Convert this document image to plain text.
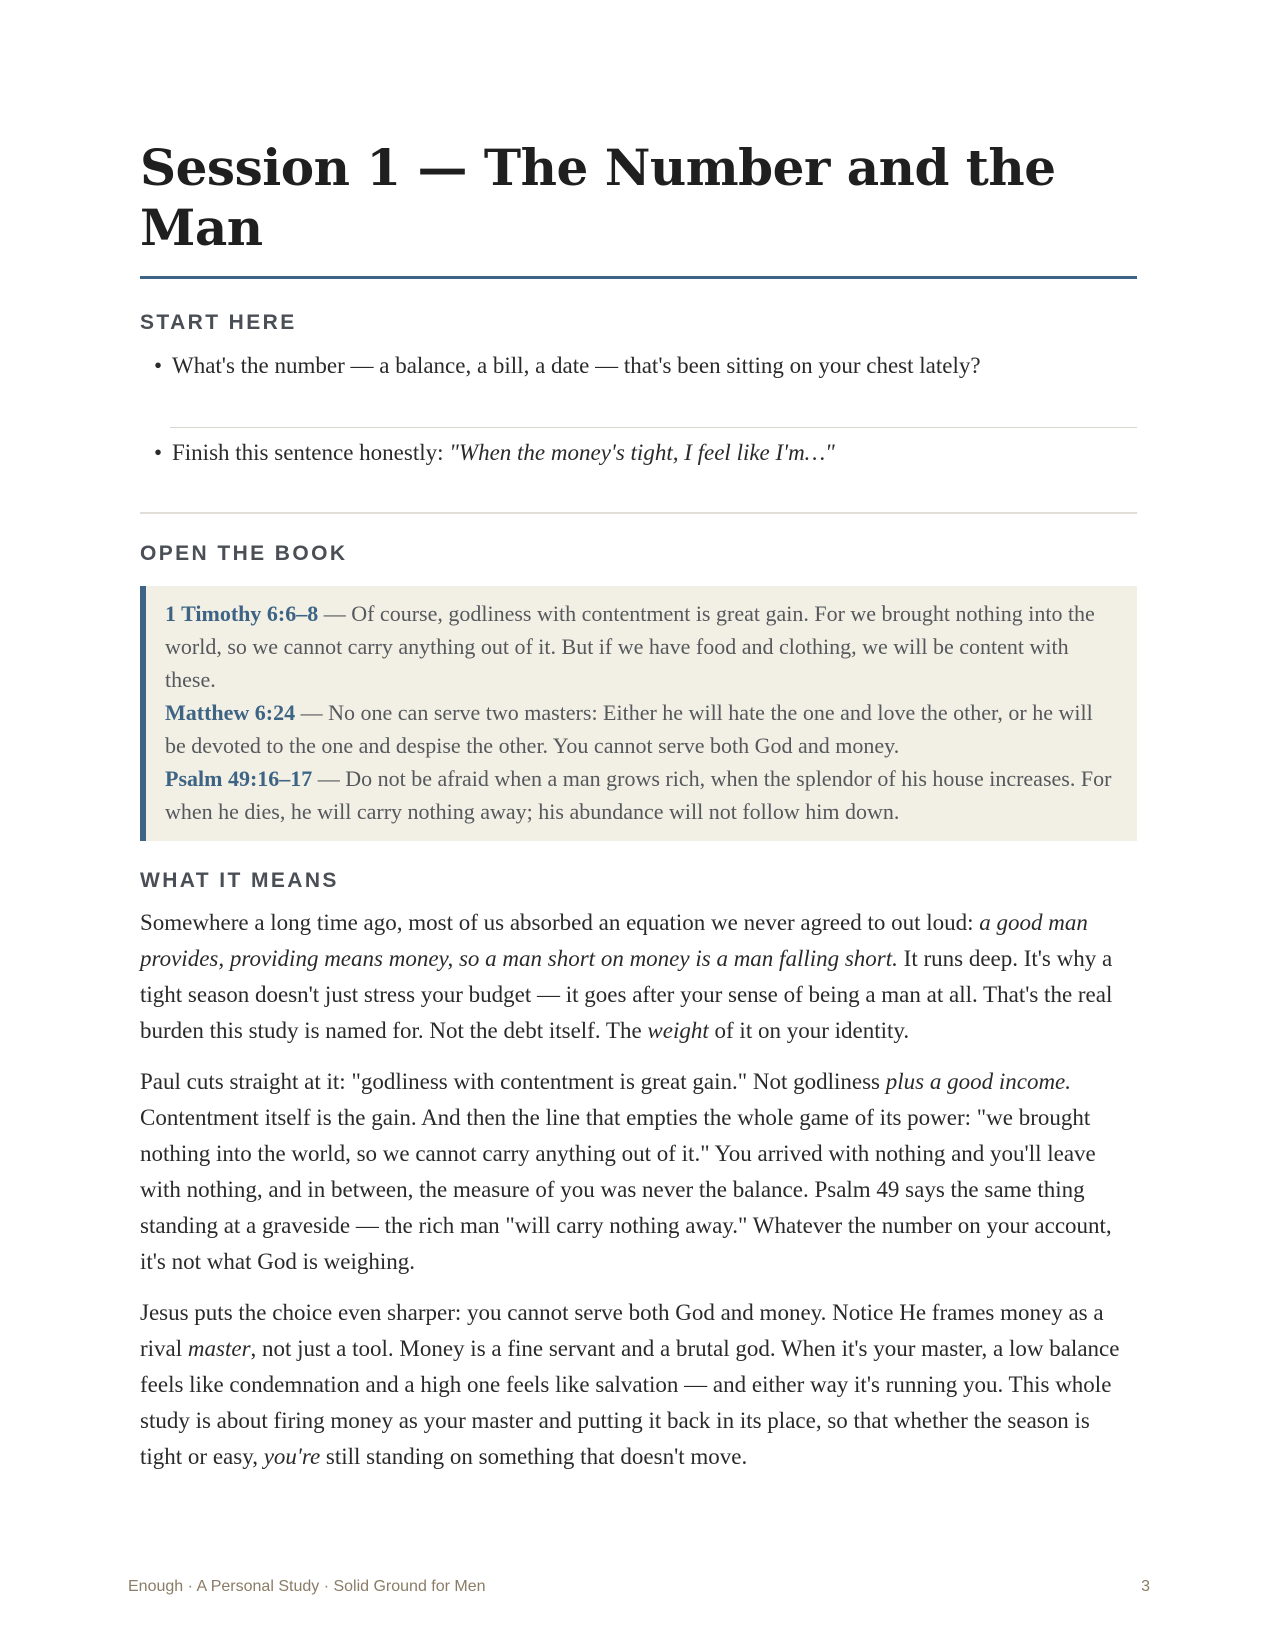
Session 1 — The Number and the Man
START HERE
• What's the number — a balance, a bill, a date — that's been sitting on your chest lately?
• Finish this sentence honestly: "When the money's tight, I feel like I'm…"
OPEN THE BOOK
1 Timothy 6:6–8 — Of course, godliness with contentment is great gain. For we brought nothing into the world, so we cannot carry anything out of it. But if we have food and clothing, we will be content with these.
Matthew 6:24 — No one can serve two masters: Either he will hate the one and love the other, or he will be devoted to the one and despise the other. You cannot serve both God and money.
Psalm 49:16–17 — Do not be afraid when a man grows rich, when the splendor of his house increases. For when he dies, he will carry nothing away; his abundance will not follow him down.
WHAT IT MEANS

Somewhere a long time ago, most of us absorbed an equation we never agreed to out loud: a good man provides, providing means money, so a man short on money is a man falling short. It runs deep. It's why a tight season doesn't just stress your budget — it goes after your sense of being a man at all. That's the real burden this study is named for. Not the debt itself. The weight of it on your identity.

Paul cuts straight at it: "godliness with contentment is great gain." Not godliness plus a good income. Contentment itself is the gain. And then the line that empties the whole game of its power: "we brought nothing into the world, so we cannot carry anything out of it." You arrived with nothing and you'll leave with nothing, and in between, the measure of you was never the balance. Psalm 49 says the same thing standing at a graveside — the rich man "will carry nothing away." Whatever the number on your account, it's not what God is weighing.

Jesus puts the choice even sharper: you cannot serve both God and money. Notice He frames money as a rival master, not just a tool. Money is a fine servant and a brutal god. When it's your master, a low balance feels like condemnation and a high one feels like salvation — and either way it's running you. This whole study is about firing money as your master and putting it back in its place, so that whether the season is tight or easy, you're still standing on something that doesn't move.

Enough · A Personal Study · Solid Ground for Men	3
